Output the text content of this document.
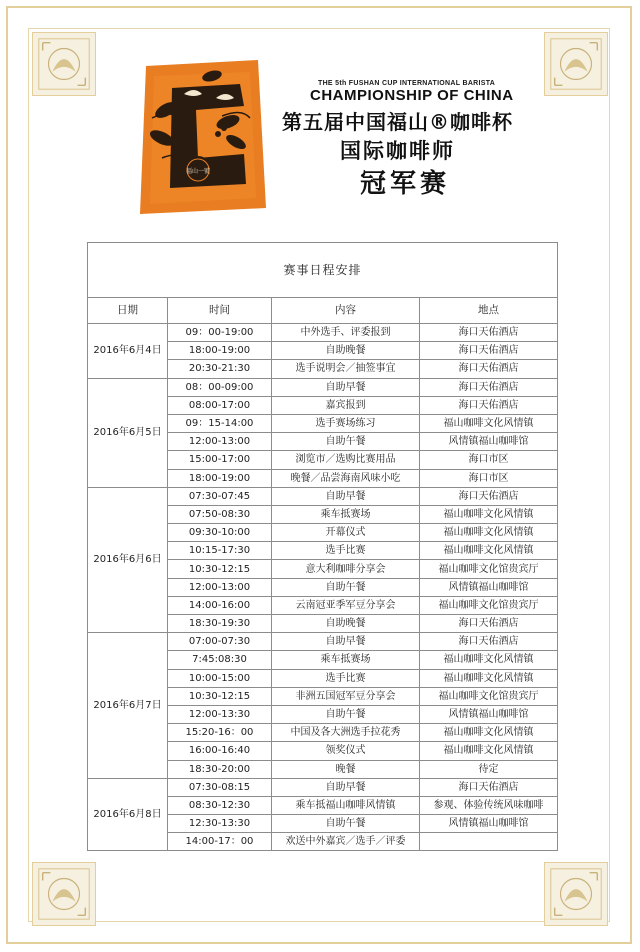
福山一號
THE 5th FUSHAN CUP INTERNATIONAL BARISTA
CHAMPIONSHIP OF CHINA
第五届中国福山®咖啡杯
国际咖啡师
冠军赛
赛事日程安排			
日期	时间	内容	地点
2016年6月4日	09：00-19:00	中外选手、评委报到	海口天佑酒店
	18:00-19:00	自助晚餐	海口天佑酒店
	20:30-21:30	选手说明会／抽签事宜	海口天佑酒店
2016年6月5日	08：00-09:00	自助早餐	海口天佑酒店
	08:00-17:00	嘉宾报到	海口天佑酒店
	09：15-14:00	选手赛场练习	福山咖啡文化风情镇
	12:00-13:00	自助午餐	风情镇福山咖啡馆
	15:00-17:00	浏览市／选购比赛用品	海口市区
	18:00-19:00	晚餐／品尝海南风味小吃	海口市区
2016年6月6日	07:30-07:45	自助早餐	海口天佑酒店
	07:50-08:30	乘车抵赛场	福山咖啡文化风情镇
	09:30-10:00	开幕仪式	福山咖啡文化风情镇
	10:15-17:30	选手比赛	福山咖啡文化风情镇
	10:30-12:15	意大利咖啡分享会	福山咖啡文化馆贵宾厅
	12:00-13:00	自助午餐	风情镇福山咖啡馆
	14:00-16:00	云南冠亚季军豆分享会	福山咖啡文化馆贵宾厅
	18:30-19:30	自助晚餐	海口天佑酒店
2016年6月7日	07:00-07:30	自助早餐	海口天佑酒店
	7:45:08:30	乘车抵赛场	福山咖啡文化风情镇
	10:00-15:00	选手比赛	福山咖啡文化风情镇
	10:30-12:15	非洲五国冠军豆分享会	福山咖啡文化馆贵宾厅
	12:00-13:30	自助午餐	风情镇福山咖啡馆
	15:20-16：00	中国及各大洲选手拉花秀	福山咖啡文化风情镇
	16:00-16:40	领奖仪式	福山咖啡文化风情镇
	18:30-20:00	晚餐	待定
2016年6月8日	07:30-08:15	自助早餐	海口天佑酒店
	08:30-12:30	乘车抵福山咖啡风情镇	参观、体验传统风味咖啡
	12:30-13:30	自助午餐	风情镇福山咖啡馆
	14:00-17：00	欢送中外嘉宾／选手／评委	
